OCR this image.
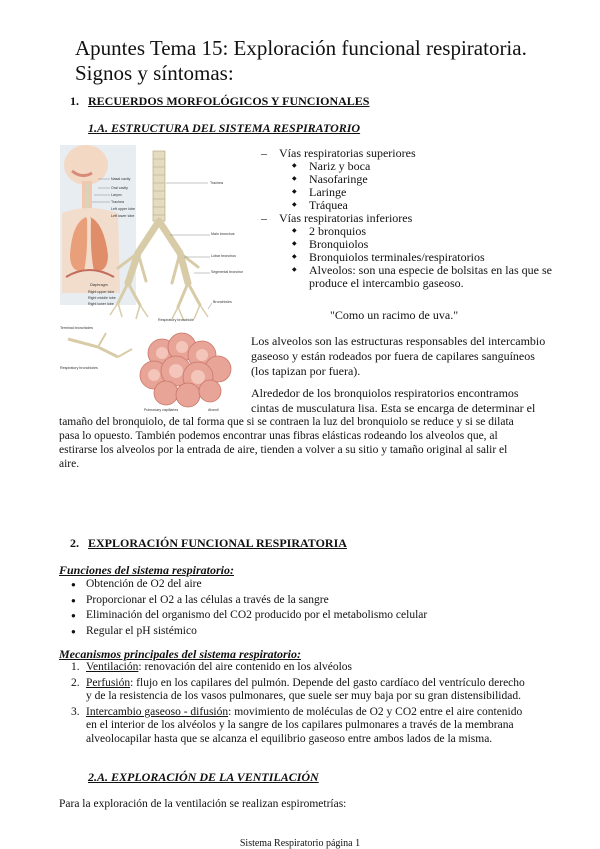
Apuntes Tema 15: Exploración funcional respiratoria. Signos y síntomas:
1. RECUERDOS MORFOLÓGICOS Y FUNCIONALES
1.A. ESTRUCTURA DEL SISTEMA RESPIRATORIO
Nasal cavity
Oral cavity
Larynx
Trachea
Left upper lobe
Left lower lobe
Diaphragm
Right upper lobe
Right middle lobe
Right lower lobe
Trachea
Main bronchus
Lobar bronchus
Segmental bronchus
Bronchioles
Respiratory bronchiole
Terminal bronchioles
Respiratory bronchioles
Pulmonary capillaries	Alveoli
– Vías respiratorias superiores
◆ Nariz y boca
◆ Nasofaringe
◆ Laringe
◆ Tráquea
– Vías respiratorias inferiores
◆ 2 bronquios
◆ Bronquiolos
◆ Bronquiolos terminales/respiratorios
◆ Alveolos: son una especie de bolsitas en las que se
produce el intercambio gaseoso.
"Como un racimo de uva."
Los alveolos son las estructuras responsables del intercambio
gaseoso y están rodeados por fuera de capilares sanguíneos
(los tapizan por fuera).
Alrededor de los bronquiolos respiratorios encontramos
cintas de musculatura lisa. Esta se encarga de determinar el
tamaño del bronquiolo, de tal forma que si se contraen la luz del bronquiolo se reduce y si se dilata
pasa lo opuesto. También podemos encontrar unas fibras elásticas rodeando los alveolos que, al
estirarse los alveolos por la entrada de aire, tienden a volver a su sitio y tamaño original al salir el
aire.
2. EXPLORACIÓN FUNCIONAL RESPIRATORIA
Funciones del sistema respiratorio:
● Obtención de O2 del aire
● Proporcionar el O2 a las células a través de la sangre
● Eliminación del organismo del CO2 producido por el metabolismo celular
● Regular el pH sistémico
Mecanismos principales del sistema respiratorio:
1. Ventilación: renovación del aire contenido en los alvéolos
2. Perfusión: flujo en los capilares del pulmón. Depende del gasto cardíaco del ventrículo derecho
y de la resistencia de los vasos pulmonares, que suele ser muy baja por su gran distensibilidad.
3. Intercambio gaseoso - difusión: movimiento de moléculas de O2 y CO2 entre el aire contenido
en el interior de los alvéolos y la sangre de los capilares pulmonares a través de la membrana
alveolocapilar hasta que se alcanza el equilibrio gaseoso entre ambos lados de la misma.
2.A. EXPLORACIÓN DE LA VENTILACIÓN
Para la exploración de la ventilación se realizan espirometrías:
Sistema Respiratorio página 1
